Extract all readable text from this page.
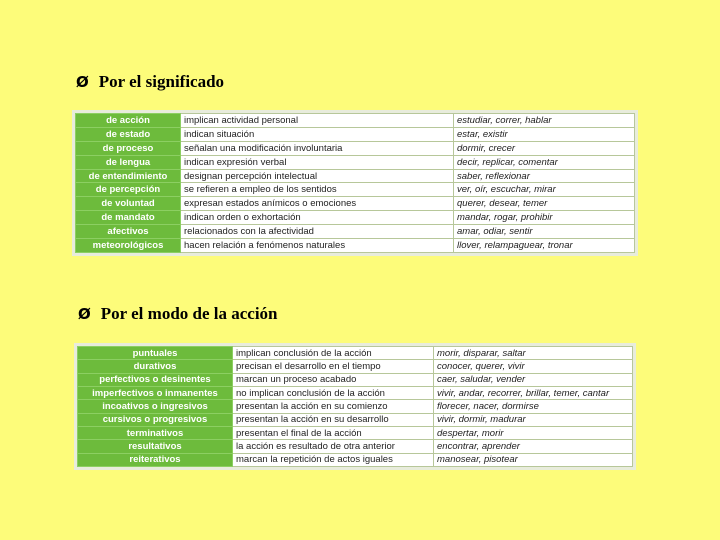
Ø Por el significado
de acción	implican actividad personal	estudiar, correr, hablar
de estado	indican situación	estar, existir
de proceso	señalan una modificación involuntaria	dormir, crecer
de lengua	indican expresión verbal	decir, replicar, comentar
de entendimiento	designan percepción intelectual	saber, reflexionar
de percepción	se refieren a empleo de los sentidos	ver, oír, escuchar, mirar
de voluntad	expresan estados anímicos o emociones	querer, desear, temer
de mandato	indican orden o exhortación	mandar, rogar, prohibir
afectivos	relacionados con la afectividad	amar, odiar, sentir
meteorológicos	hacen relación a fenómenos naturales	llover, relampaguear, tronar
Ø Por el modo de la acción
puntuales	implican conclusión de la acción	morir, disparar, saltar
durativos	precisan el desarrollo en el tiempo	conocer, querer, vivir
perfectivos o desinentes	marcan un proceso acabado	caer, saludar, vender
imperfectivos o inmanentes	no implican conclusión de la acción	vivir, andar, recorrer, brillar, temer, cantar
incoativos o ingresivos	presentan la acción en su comienzo	florecer, nacer, dormirse
cursivos o progresivos	presentan la acción en su desarrollo	vivir, dormir, madurar
terminativos	presentan el final de la acción	despertar, morir
resultativos	la acción es resultado de otra anterior	encontrar, aprender
reiterativos	marcan la repetición de actos iguales	manosear, pisotear
